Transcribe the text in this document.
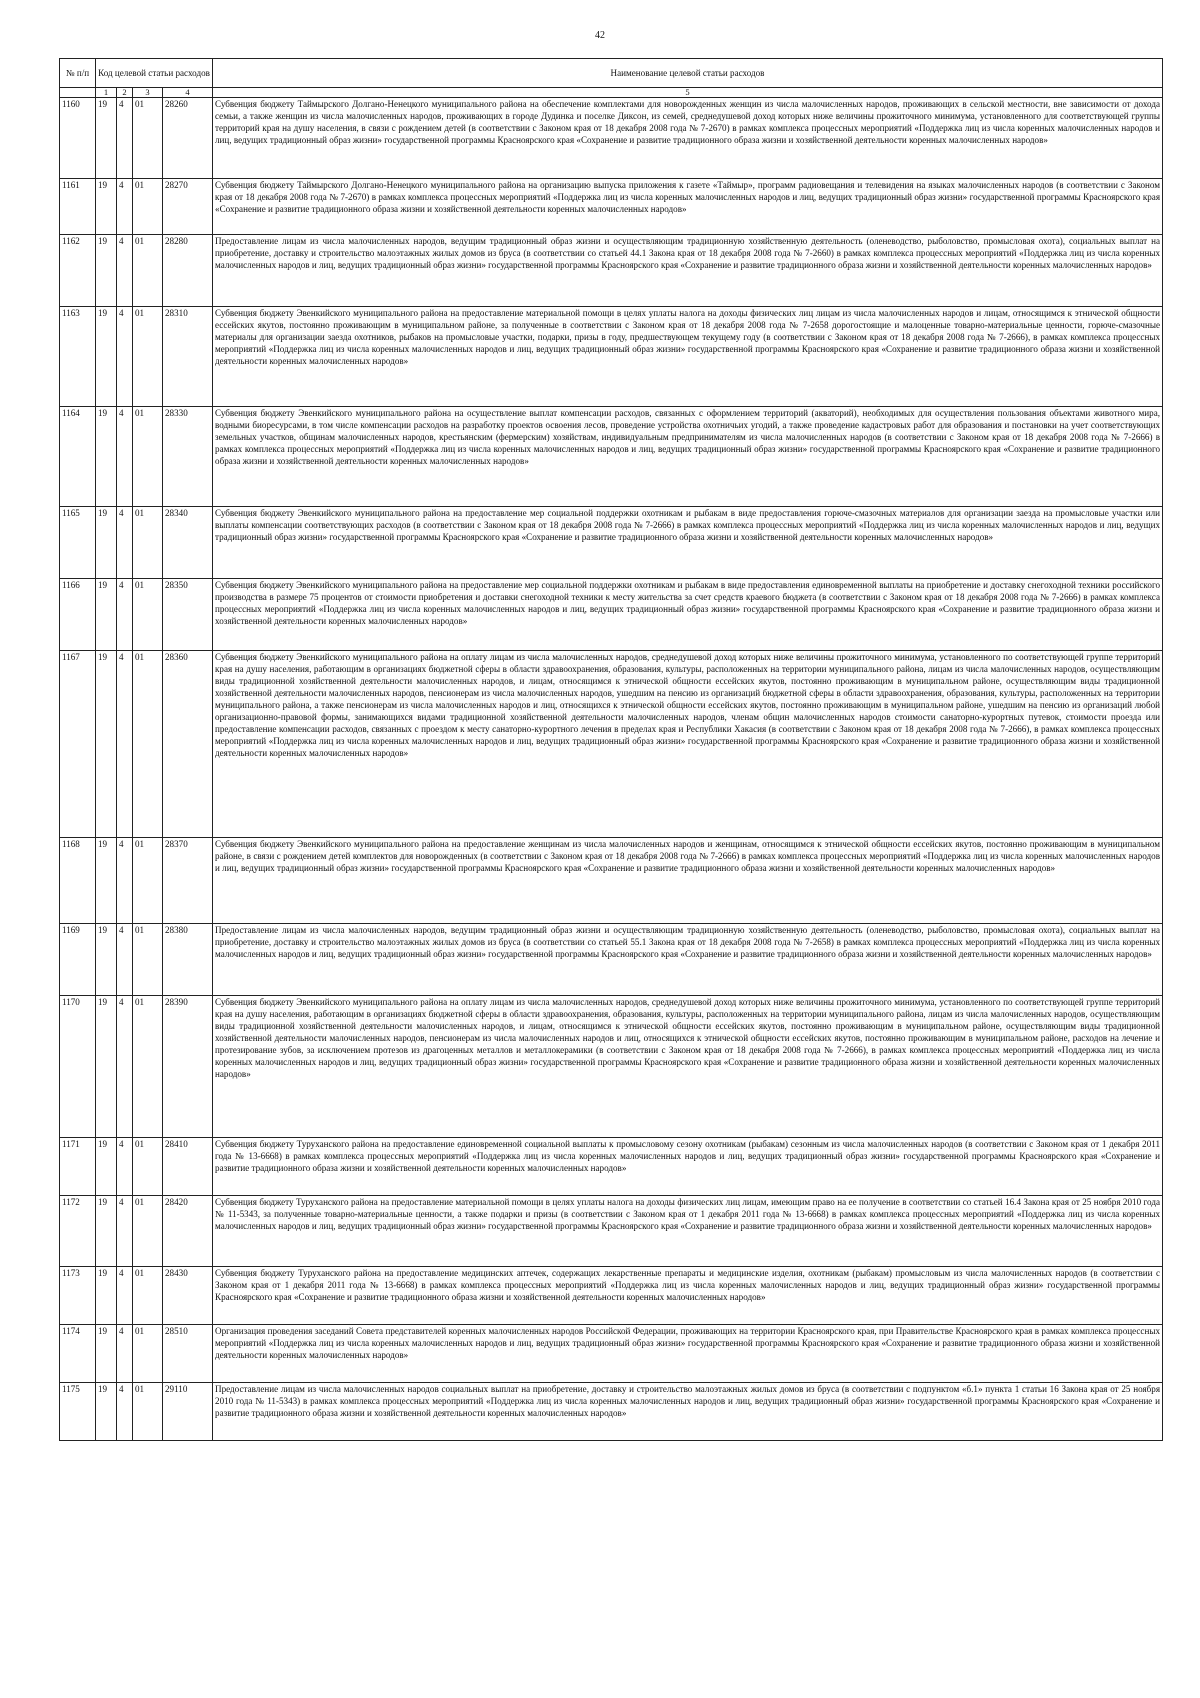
42
№ п/п	Код целевой статьи расходов				Наименование целевой статьи расходов
	1	2	3	4	5
1160	19	4	01	28260	Субвенция бюджету Таймырского Долгано-Ненецкого муниципального района на обеспечение комплектами для новорожденных женщин из числа малочисленных народов, проживающих в сельской местности, вне зависимости от дохода семьи, а также женщин из числа малочисленных народов, проживающих в городе Дудинка и поселке Диксон, из семей, среднедушевой доход которых ниже величины прожиточного минимума, установленного для соответствующей группы территорий края на душу населения, в связи с рождением детей (в соответствии с Законом края от 18 декабря 2008 года № 7-2670) в рамках комплекса процессных мероприятий «Поддержка лиц из числа коренных малочисленных народов и лиц, ведущих традиционный образ жизни» государственной программы Красноярского края «Сохранение и развитие традиционного образа жизни и хозяйственной деятельности коренных малочисленных народов»
1161	19	4	01	28270	Субвенция бюджету Таймырского Долгано-Ненецкого муниципального района на организацию выпуска приложения к газете «Таймыр», программ радиовещания и телевидения на языках малочисленных народов (в соответствии с Законом края от 18 декабря 2008 года № 7-2670) в рамках комплекса процессных мероприятий «Поддержка лиц из числа коренных малочисленных народов и лиц, ведущих традиционный образ жизни» государственной программы Красноярского края «Сохранение и развитие традиционного образа жизни и хозяйственной деятельности коренных малочисленных народов»
1162	19	4	01	28280	Предоставление лицам из числа малочисленных народов, ведущим традиционный образ жизни и осуществляющим традиционную хозяйственную деятельность (оленеводство, рыболовство, промысловая охота), социальных выплат на приобретение, доставку и строительство малоэтажных жилых домов из бруса (в соответствии со статьей 44.1 Закона края от 18 декабря 2008 года № 7-2660) в рамках комплекса процессных мероприятий «Поддержка лиц из числа коренных малочисленных народов и лиц, ведущих традиционный образ жизни» государственной программы Красноярского края «Сохранение и развитие традиционного образа жизни и хозяйственной деятельности коренных малочисленных народов»
1163	19	4	01	28310	Субвенция бюджету Эвенкийского муниципального района на предоставление материальной помощи в целях уплаты налога на доходы физических лиц лицам из числа малочисленных народов и лицам, относящимся к этнической общности ессейских якутов, постоянно проживающим в муниципальном районе, за полученные в соответствии с Законом края от 18 декабря 2008 года № 7-2658 дорогостоящие и малоценные товарно-материальные ценности, горюче-смазочные материалы для организации заезда охотников, рыбаков на промысловые участки, подарки, призы в году, предшествующем текущему году (в соответствии с Законом края от 18 декабря 2008 года № 7-2666), в рамках комплекса процессных мероприятий «Поддержка лиц из числа коренных малочисленных народов и лиц, ведущих традиционный образ жизни» государственной программы Красноярского края «Сохранение и развитие традиционного образа жизни и хозяйственной деятельности коренных малочисленных народов»
1164	19	4	01	28330	Субвенция бюджету Эвенкийского муниципального района на осуществление выплат компенсации расходов, связанных с оформлением территорий (акваторий), необходимых для осуществления пользования объектами животного мира, водными биоресурсами, в том числе компенсации расходов на разработку проектов освоения лесов, проведение устройства охотничьих угодий, а также проведение кадастровых работ для образования и постановки на учет соответствующих земельных участков, общинам малочисленных народов, крестьянским (фермерским) хозяйствам, индивидуальным предпринимателям из числа малочисленных народов (в соответствии с Законом края от 18 декабря 2008 года № 7-2666) в рамках комплекса процессных мероприятий «Поддержка лиц из числа коренных малочисленных народов и лиц, ведущих традиционный образ жизни» государственной программы Красноярского края «Сохранение и развитие традиционного образа жизни и хозяйственной деятельности коренных малочисленных народов»
1165	19	4	01	28340	Субвенция бюджету Эвенкийского муниципального района на предоставление мер социальной поддержки охотникам и рыбакам в виде предоставления горюче-смазочных материалов для организации заезда на промысловые участки или выплаты компенсации соответствующих расходов (в соответствии с Законом края от 18 декабря 2008 года № 7-2666) в рамках комплекса процессных мероприятий «Поддержка лиц из числа коренных малочисленных народов и лиц, ведущих традиционный образ жизни» государственной программы Красноярского края «Сохранение и развитие традиционного образа жизни и хозяйственной деятельности коренных малочисленных народов»
1166	19	4	01	28350	Субвенция бюджету Эвенкийского муниципального района на предоставление мер социальной поддержки охотникам и рыбакам в виде предоставления единовременной выплаты на приобретение и доставку снегоходной техники российского производства в размере 75 процентов от стоимости приобретения и доставки снегоходной техники к месту жительства за счет средств краевого бюджета (в соответствии с Законом края от 18 декабря 2008 года № 7-2666) в рамках комплекса процессных мероприятий «Поддержка лиц из числа коренных малочисленных народов и лиц, ведущих традиционный образ жизни» государственной программы Красноярского края «Сохранение и развитие традиционного образа жизни и хозяйственной деятельности коренных малочисленных народов»
1167	19	4	01	28360	Субвенция бюджету Эвенкийского муниципального района на оплату лицам из числа малочисленных народов, среднедушевой доход которых ниже величины прожиточного минимума, установленного по соответствующей группе территорий края на душу населения, работающим в организациях бюджетной сферы в области здравоохранения, образования, культуры, расположенных на территории муниципального района, лицам из числа малочисленных народов, осуществляющим виды традиционной хозяйственной деятельности малочисленных народов, и лицам, относящимся к этнической общности ессейских якутов, постоянно проживающим в муниципальном районе, осуществляющим виды традиционной хозяйственной деятельности малочисленных народов, пенсионерам из числа малочисленных народов, ушедшим на пенсию из организаций бюджетной сферы в области здравоохранения, образования, культуры, расположенных на территории муниципального района, а также пенсионерам из числа малочисленных народов и лиц, относящихся к этнической общности ессейских якутов, постоянно проживающим в муниципальном районе, ушедшим на пенсию из организаций любой организационно-правовой формы, занимающихся видами традиционной хозяйственной деятельности малочисленных народов, членам общин малочисленных народов стоимости санаторно-курортных путевок, стоимости проезда или предоставление компенсации расходов, связанных с проездом к месту санаторно-курортного лечения в пределах края и Республики Хакасия (в соответствии с Законом края от 18 декабря 2008 года № 7-2666), в рамках комплекса процессных мероприятий «Поддержка лиц из числа коренных малочисленных народов и лиц, ведущих традиционный образ жизни» государственной программы Красноярского края «Сохранение и развитие традиционного образа жизни и хозяйственной деятельности коренных малочисленных народов»
1168	19	4	01	28370	Субвенция бюджету Эвенкийского муниципального района на предоставление женщинам из числа малочисленных народов и женщинам, относящимся к этнической общности ессейских якутов, постоянно проживающим в муниципальном районе, в связи с рождением детей комплектов для новорожденных (в соответствии с Законом края от 18 декабря 2008 года № 7-2666) в рамках комплекса процессных мероприятий «Поддержка лиц из числа коренных малочисленных народов и лиц, ведущих традиционный образ жизни» государственной программы Красноярского края «Сохранение и развитие традиционного образа жизни и хозяйственной деятельности коренных малочисленных народов»
1169	19	4	01	28380	Предоставление лицам из числа малочисленных народов, ведущим традиционный образ жизни и осуществляющим традиционную хозяйственную деятельность (оленеводство, рыболовство, промысловая охота), социальных выплат на приобретение, доставку и строительство малоэтажных жилых домов из бруса (в соответствии со статьей 55.1 Закона края от 18 декабря 2008 года № 7-2658) в рамках комплекса процессных мероприятий «Поддержка лиц из числа коренных малочисленных народов и лиц, ведущих традиционный образ жизни» государственной программы Красноярского края «Сохранение и развитие традиционного образа жизни и хозяйственной деятельности коренных малочисленных народов»
1170	19	4	01	28390	Субвенция бюджету Эвенкийского муниципального района на оплату лицам из числа малочисленных народов, среднедушевой доход которых ниже величины прожиточного минимума, установленного по соответствующей группе территорий края на душу населения, работающим в организациях бюджетной сферы в области здравоохранения, образования, культуры, расположенных на территории муниципального района, лицам из числа малочисленных народов, осуществляющим виды традиционной хозяйственной деятельности малочисленных народов, и лицам, относящимся к этнической общности ессейских якутов, постоянно проживающим в муниципальном районе, осуществляющим виды традиционной хозяйственной деятельности малочисленных народов, пенсионерам из числа малочисленных народов и лиц, относящихся к этнической общности ессейских якутов, постоянно проживающим в муниципальном районе, расходов на лечение и протезирование зубов, за исключением протезов из драгоценных металлов и металлокерамики (в соответствии с Законом края от 18 декабря 2008 года № 7-2666), в рамках комплекса процессных мероприятий «Поддержка лиц из числа коренных малочисленных народов и лиц, ведущих традиционный образ жизни» государственной программы Красноярского края «Сохранение и развитие традиционного образа жизни и хозяйственной деятельности коренных малочисленных народов»
1171	19	4	01	28410	Субвенция бюджету Туруханского района на предоставление единовременной социальной выплаты к промысловому сезону охотникам (рыбакам) сезонным из числа малочисленных народов (в соответствии с Законом края от 1 декабря 2011 года № 13-6668) в рамках комплекса процессных мероприятий «Поддержка лиц из числа коренных малочисленных народов и лиц, ведущих традиционный образ жизни» государственной программы Красноярского края «Сохранение и развитие традиционного образа жизни и хозяйственной деятельности коренных малочисленных народов»
1172	19	4	01	28420	Субвенция бюджету Туруханского района на предоставление материальной помощи в целях уплаты налога на доходы физических лиц лицам, имеющим право на ее получение в соответствии со статьей 16.4 Закона края от 25 ноября 2010 года № 11-5343, за полученные товарно-материальные ценности, а также подарки и призы (в соответствии с Законом края от 1 декабря 2011 года № 13-6668) в рамках комплекса процессных мероприятий «Поддержка лиц из числа коренных малочисленных народов и лиц, ведущих традиционный образ жизни» государственной программы Красноярского края «Сохранение и развитие традиционного образа жизни и хозяйственной деятельности коренных малочисленных народов»
1173	19	4	01	28430	Субвенция бюджету Туруханского района на предоставление медицинских аптечек, содержащих лекарственные препараты и медицинские изделия, охотникам (рыбакам) промысловым из числа малочисленных народов (в соответствии с Законом края от 1 декабря 2011 года № 13-6668) в рамках комплекса процессных мероприятий «Поддержка лиц из числа коренных малочисленных народов и лиц, ведущих традиционный образ жизни» государственной программы Красноярского края «Сохранение и развитие традиционного образа жизни и хозяйственной деятельности коренных малочисленных народов»
1174	19	4	01	28510	Организация проведения заседаний Совета представителей коренных малочисленных народов Российской Федерации, проживающих на территории Красноярского края, при Правительстве Красноярского края в рамках комплекса процессных мероприятий «Поддержка лиц из числа коренных малочисленных народов и лиц, ведущих традиционный образ жизни» государственной программы Красноярского края «Сохранение и развитие традиционного образа жизни и хозяйственной деятельности коренных малочисленных народов»
1175	19	4	01	29110	Предоставление лицам из числа малочисленных народов социальных выплат на приобретение, доставку и строительство малоэтажных жилых домов из бруса (в соответствии с подпунктом «б.1» пункта 1 статьи 16 Закона края от 25 ноября 2010 года № 11-5343) в рамках комплекса процессных мероприятий «Поддержка лиц из числа коренных малочисленных народов и лиц, ведущих традиционный образ жизни» государственной программы Красноярского края «Сохранение и развитие традиционного образа жизни и хозяйственной деятельности коренных малочисленных народов»
